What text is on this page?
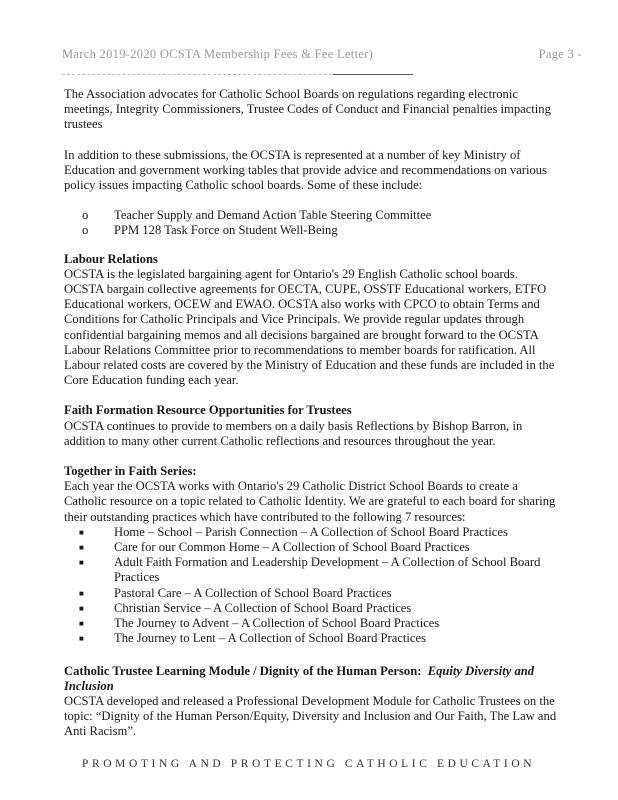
March 2019-2020 OCSTA Membership Fees & Fee Letter)	Page 3 -

The Association advocates for Catholic School Boards on regulations regarding electronic meetings, Integrity Commissioners, Trustee Codes of Conduct and Financial penalties impacting trustees

In addition to these submissions, the OCSTA is represented at a number of key Ministry of Education and government working tables that provide advice and recommendations on various policy issues impacting Catholic school boards. Some of these include:

o Teacher Supply and Demand Action Table Steering Committee
o PPM 128 Task Force on Student Well-Being

Labour Relations

OCSTA is the legislated bargaining agent for Ontario's 29 English Catholic school boards. OCSTA bargain collective agreements for OECTA, CUPE, OSSTF Educational workers, ETFO Educational workers, OCEW and EWAO. OCSTA also works with CPCO to obtain Terms and Conditions for Catholic Principals and Vice Principals. We provide regular updates through confidential bargaining memos and all decisions bargained are brought forward to the OCSTA Labour Relations Committee prior to recommendations to member boards for ratification. All Labour related costs are covered by the Ministry of Education and these funds are included in the Core Education funding each year.

Faith Formation Resource Opportunities for Trustees

OCSTA continues to provide to members on a daily basis Reflections by Bishop Barron, in addition to many other current Catholic reflections and resources throughout the year.

Together in Faith Series:

Each year the OCSTA works with Ontario's 29 Catholic District School Boards to create a Catholic resource on a topic related to Catholic Identity. We are grateful to each board for sharing their outstanding practices which have contributed to the following 7 resources:

■ Home – School – Parish Connection – A Collection of School Board Practices
■ Care for our Common Home – A Collection of School Board Practices
■ Adult Faith Formation and Leadership Development – A Collection of School Board Practices
■ Pastoral Care – A Collection of School Board Practices
■ Christian Service – A Collection of School Board Practices
■ The Journey to Advent – A Collection of School Board Practices
■ The Journey to Lent – A Collection of School Board Practices

Catholic Trustee Learning Module / Dignity of the Human Person: Equity Diversity and Inclusion

OCSTA developed and released a Professional Development Module for Catholic Trustees on the topic: “Dignity of the Human Person/Equity, Diversity and Inclusion and Our Faith, The Law and Anti Racism”.

PROMOTING AND PROTECTING CATHOLIC EDUCATION
